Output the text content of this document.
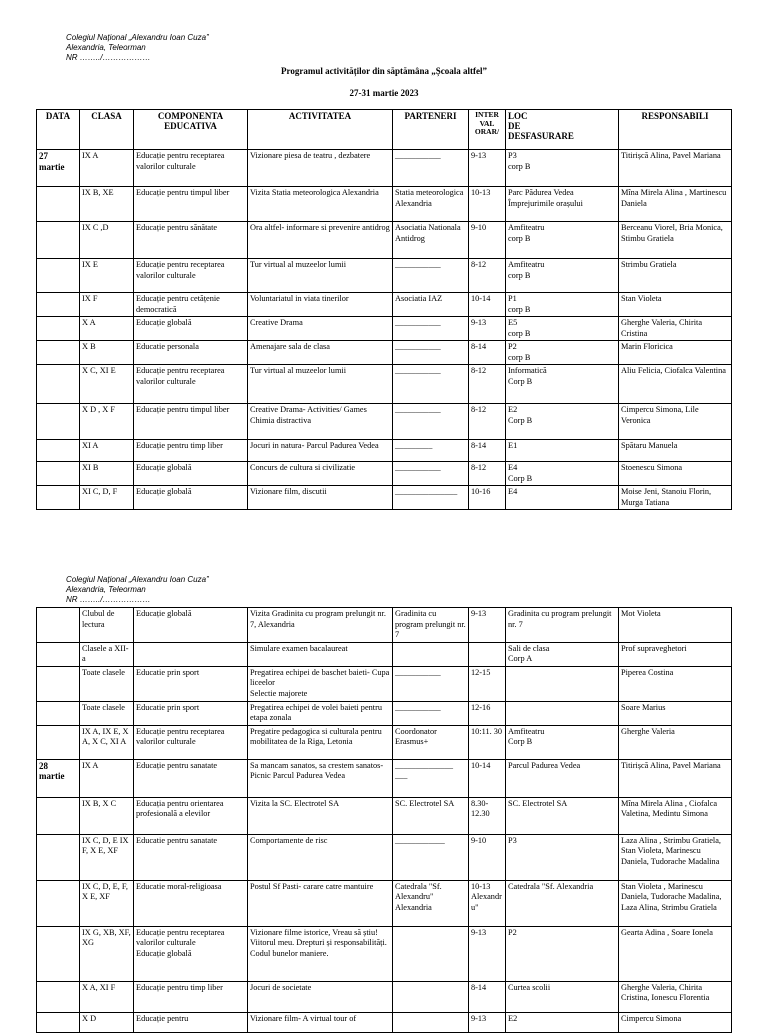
Colegiul Național „Alexandru Ioan Cuza”
Alexandria, Teleorman
NR ……../………………
Programul activităților din săptămâna „Școala altfel”
27-31 martie 2023
DATA	CLASA	COMPONENTA
EDUCATIVA	ACTIVITATEA	PARTENERI	INTER
VAL
ORAR/	LOC
DE
DESFASURARE	RESPONSABILI
27
martie	IX A	Educație pentru receptarea valorilor culturale	Vizionare piesa de teatru , dezbatere	___________	9-13	P3
corp B	Titirișcă Alina, Pavel Mariana
	IX B, XE	Educație pentru timpul liber	Vizita Statia meteorologica Alexandria	Statia meteorologica Alexandria	10-13	Parc Pădurea Vedea Împrejurimile orașului	Mîna Mirela Alina , Martinescu Daniela
	IX C ,D	Educație pentru sănătate	Ora altfel- informare si prevenire antidrog	Asociatia Nationala Antidrog	9-10	Amfiteatru
corp B	Berceanu Viorel, Bria Monica, Stimbu Gratiela
	IX E	Educație pentru receptarea valorilor culturale	Tur virtual al muzeelor lumii	___________	8-12	Amfiteatru
corp B	Strimbu Gratiela
	IX F	Educație pentru cetățenie democratică	Voluntariatul in viata tinerilor	Asociatia IAZ	10-14	P1
corp B	Stan Violeta
	X A	Educație globală	Creative Drama	___________	9-13	E5
corp B	Gherghe Valeria, Chirita Cristina
	X B	Educatie personala	Amenajare sala de clasa	___________	8-14	P2
corp B	Marin Floricica
	X C, XI E	Educație pentru receptarea valorilor culturale	Tur virtual al muzeelor lumii	___________	8-12	Informatică
Corp B	Aliu Felicia, Ciofalca Valentina
	X D , X F	Educație pentru timpul liber	Creative Drama- Activities/ Games
Chimia distractiva	___________	8-12	E2
Corp B	Cimpercu Simona, Lile Veronica
	XI A	Educație pentru timp liber	Jocuri in natura- Parcul Padurea Vedea	_________	8-14	E1	Spătaru Manuela
	XI B	Educație globală	Concurs de cultura si civilizatie	___________	8-12	E4
Corp B	Stoenescu Simona
	XI C, D, F	Educație globală	Vizionare film, discutii	_______________	10-16	E4	Moise Jeni, Stanoiu Florin, Murga Tatiana
Colegiul Național „Alexandru Ioan Cuza”
Alexandria, Teleorman
NR ……../………………
	Clubul de lectura	Educație globală	Vizita Gradinita cu program prelungit nr. 7, Alexandria	Gradinita cu program prelungit nr. 7	9-13	Gradinita cu program prelungit nr. 7	Mot Violeta
	Clasele a XII-a		Simulare examen bacalaureat			Sali de clasa
Corp A	Prof supraveghetori
	Toate clasele	Educatie prin sport	Pregatirea echipei de baschet baieti- Cupa liceelor
Selectie majorete	___________	12-15		Piperea Costina
	Toate clasele	Educatie prin sport	Pregatirea echipei de volei baieti pentru etapa zonala	___________	12-16		Soare Marius
	IX A, IX E, X A, X C, XI A	Educație pentru receptarea valorilor culturale	Pregatire pedagogica si culturala pentru mobilitatea de la Riga, Letonia	Coordonator Erasmus+	10:11. 30	Amfiteatru
Corp B	Gherghe Valeria
28
martie	IX A	Educație pentru sanatate	Sa mancam sanatos, sa crestem sanatos- Picnic Parcul Padurea Vedea	______________
___	10-14	Parcul Padurea Vedea	Titirișcă Alina, Pavel Mariana
	IX B, X C	Educația pentru orientarea profesională a elevilor	Vizita la SC. Electrotel SA	SC. Electrotel SA	8.30-12.30	SC. Electrotel SA	Mîna Mirela Alina , Ciofalca Valetina, Medintu Simona
	IX C, D, E IX F, X E, XF	Educatie pentru sanatate	Comportamente de risc	____________	9-10	P3	Laza Alina , Strimbu Gratiela, Stan Violeta, Marinescu Daniela, Tudorache Madalina
	IX C, D, E, F,
X E, XF	Educatie moral-religioasa	Postul Sf Pasti- carare catre mantuire	Catedrala "Sf. Alexandru" Alexandria	10-13 Alexandru"	Catedrala "Sf. Alexandria	Stan Violeta , Marinescu Daniela, Tudorache Madalina, Laza Alina, Strimbu Gratiela
	IX G, XB, XF, XG	Educație pentru receptarea valorilor culturale
Educație globală	Vizionare filme istorice, Vreau să știu! Viitorul meu. Drepturi și responsabilități. Codul bunelor maniere.		9-13	P2	Gearta Adina , Soare Ionela
	X A, XI F	Educație pentru timp liber	Jocuri de societate		8-14	Curtea scolii	Gherghe Valeria, Chirita Cristina, Ionescu Florentia
	X D	Educație pentru	Vizionare film- A virtual tour of		9-13	E2	Cimpercu Simona
